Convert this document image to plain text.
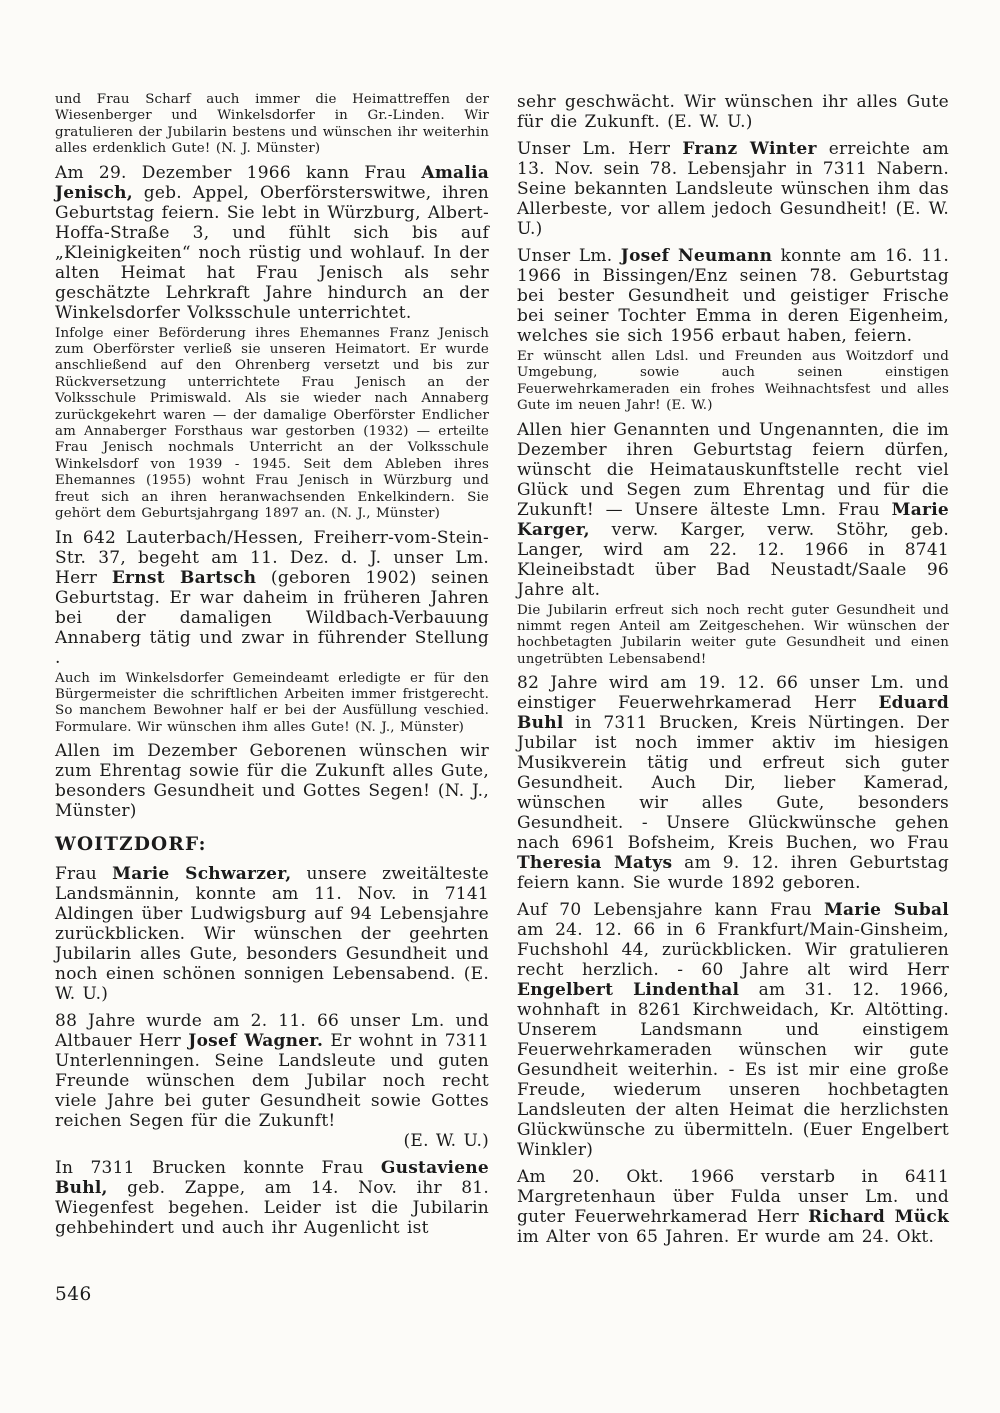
und Frau Scharf auch immer die Heimattreffen der Wiesenberger und Winkelsdorfer in Gr.-Linden. Wir gratulieren der Jubilarin bestens und wünschen ihr weiterhin alles erdenklich Gute! (N. J. Münster)

Am 29. Dezember 1966 kann Frau Amalia Jenisch, geb. Appel, Oberförsterswitwe, ihren Geburtstag feiern. Sie lebt in Würzburg, Albert-Hoffa-Straße 3, und fühlt sich bis auf „Kleinigkeiten“ noch rüstig und wohlauf. In der alten Heimat hat Frau Jenisch als sehr geschätzte Lehrkraft Jahre hindurch an der Winkelsdorfer Volksschule unterrichtet.

Infolge einer Beförderung ihres Ehemannes Franz Jenisch zum Oberförster verließ sie unseren Heimatort. Er wurde anschließend auf den Ohrenberg versetzt und bis zur Rückversetzung unterrichtete Frau Jenisch an der Volksschule Primiswald. Als sie wieder nach Annaberg zurückgekehrt waren — der damalige Oberförster Endlicher am Annaberger Forsthaus war gestorben (1932) — erteilte Frau Jenisch nochmals Unterricht an der Volksschule Winkelsdorf von 1939 - 1945. Seit dem Ableben ihres Ehemannes (1955) wohnt Frau Jenisch in Würzburg und freut sich an ihren heranwachsenden Enkelkindern. Sie gehört dem Geburtsjahrgang 1897 an. (N. J., Münster)

In 642 Lauterbach/Hessen, Freiherr-vom-Stein-Str. 37, begeht am 11. Dez. d. J. unser Lm. Herr Ernst Bartsch (geboren 1902) seinen Geburtstag. Er war daheim in früheren Jahren bei der damaligen Wildbach-Verbauung Annaberg tätig und zwar in führender Stellung .

Auch im Winkelsdorfer Gemeindeamt erledigte er für den Bürgermeister die schriftlichen Arbeiten immer fristgerecht. So manchem Bewohner half er bei der Ausfüllung veschied. Formulare. Wir wünschen ihm alles Gute! (N. J., Münster)

Allen im Dezember Geborenen wünschen wir zum Ehrentag sowie für die Zukunft alles Gute, besonders Gesundheit und Gottes Segen! (N. J., Münster)

WOITZDORF:

Frau Marie Schwarzer, unsere zweitälteste Landsmännin, konnte am 11. Nov. in 7141 Aldingen über Ludwigsburg auf 94 Lebensjahre zurückblicken. Wir wünschen der geehrten Jubilarin alles Gute, besonders Gesundheit und noch einen schönen sonnigen Lebensabend. (E. W. U.)

88 Jahre wurde am 2. 11. 66 unser Lm. und Altbauer Herr Josef Wagner. Er wohnt in 7311 Unterlenningen. Seine Landsleute und guten Freunde wünschen dem Jubilar noch recht viele Jahre bei guter Gesundheit sowie Gottes reichen Segen für die Zukunft!
(E. W. U.)

In 7311 Brucken konnte Frau Gustaviene Buhl, geb. Zappe, am 14. Nov. ihr 81. Wiegenfest begehen. Leider ist die Jubilarin gehbehindert und auch ihr Augenlicht ist

sehr geschwächt. Wir wünschen ihr alles Gute für die Zukunft. (E. W. U.)

Unser Lm. Herr Franz Winter erreichte am 13. Nov. sein 78. Lebensjahr in 7311 Nabern. Seine bekannten Landsleute wünschen ihm das Allerbeste, vor allem jedoch Gesundheit! (E. W. U.)

Unser Lm. Josef Neumann konnte am 16. 11. 1966 in Bissingen/Enz seinen 78. Geburtstag bei bester Gesundheit und geistiger Frische bei seiner Tochter Emma in deren Eigenheim, welches sie sich 1956 erbaut haben, feiern.

Er wünscht allen Ldsl. und Freunden aus Woitzdorf und Umgebung, sowie auch seinen einstigen Feuerwehrkameraden ein frohes Weihnachtsfest und alles Gute im neuen Jahr! (E. W.)

Allen hier Genannten und Ungenannten, die im Dezember ihren Geburtstag feiern dürfen, wünscht die Heimatauskunftstelle recht viel Glück und Segen zum Ehrentag und für die Zukunft! — Unsere älteste Lmn. Frau Marie Karger, verw. Karger, verw. Stöhr, geb. Langer, wird am 22. 12. 1966 in 8741 Kleineibstadt über Bad Neustadt/Saale 96 Jahre alt.

Die Jubilarin erfreut sich noch recht guter Gesundheit und nimmt regen Anteil am Zeitgeschehen. Wir wünschen der hochbetagten Jubilarin weiter gute Gesundheit und einen ungetrübten Lebensabend!

82 Jahre wird am 19. 12. 66 unser Lm. und einstiger Feuerwehrkamerad Herr Eduard Buhl in 7311 Brucken, Kreis Nürtingen. Der Jubilar ist noch immer aktiv im hiesigen Musikverein tätig und erfreut sich guter Gesundheit. Auch Dir, lieber Kamerad, wünschen wir alles Gute, besonders Gesundheit. - Unsere Glückwünsche gehen nach 6961 Bofsheim, Kreis Buchen, wo Frau Theresia Matys am 9. 12. ihren Geburtstag feiern kann. Sie wurde 1892 geboren.

Auf 70 Lebensjahre kann Frau Marie Subal am 24. 12. 66 in 6 Frankfurt/Main-Ginsheim, Fuchshohl 44, zurückblicken. Wir gratulieren recht herzlich. - 60 Jahre alt wird Herr Engelbert Lindenthal am 31. 12. 1966, wohnhaft in 8261 Kirchweidach, Kr. Altötting. Unserem Landsmann und einstigem Feuerwehrkameraden wünschen wir gute Gesundheit weiterhin. - Es ist mir eine große Freude, wiederum unseren hochbetagten Landsleuten der alten Heimat die herzlichsten Glückwünsche zu übermitteln. (Euer Engelbert Winkler)

Am 20. Okt. 1966 verstarb in 6411 Margretenhaun über Fulda unser Lm. und guter Feuerwehrkamerad Herr Richard Mück im Alter von 65 Jahren. Er wurde am 24. Okt.

546
